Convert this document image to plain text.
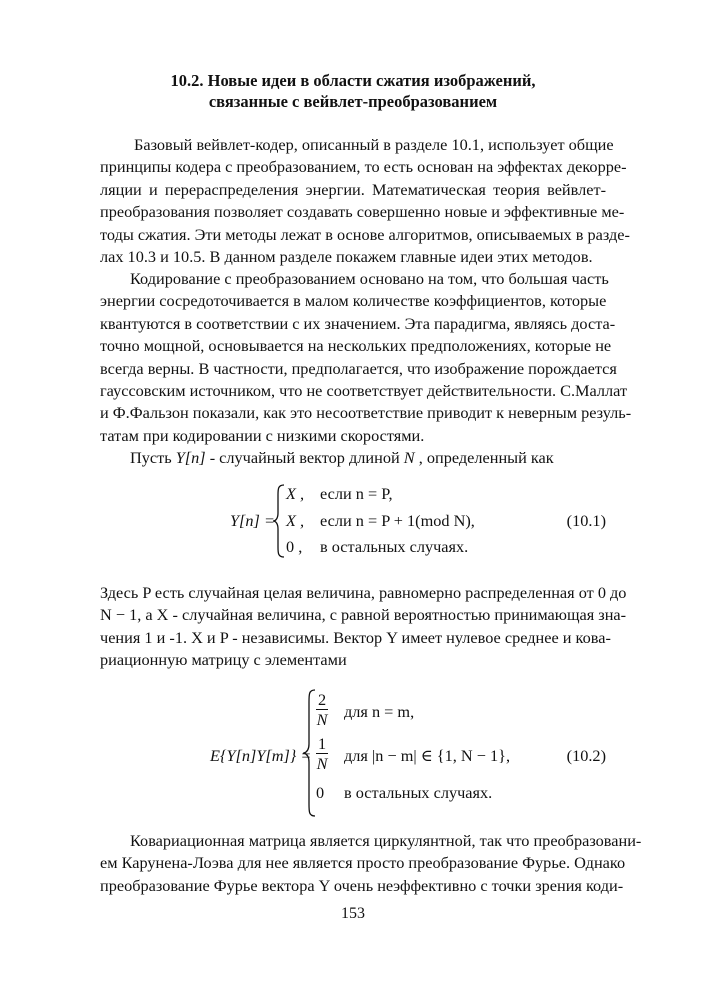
10.2. Новые идеи в области сжатия изображений,
связанные с вейвлет-преобразованием
Базовый вейвлет-кодер, описанный в разделе 10.1, использует общие
принципы кодера с преобразованием, то есть основан на эффектах декорре-
ляции и перераспределения энергии. Математическая теория вейвлет-
преобразования позволяет создавать совершенно новые и эффективные ме-
тоды сжатия. Эти методы лежат в основе алгоритмов, описываемых в разде-
лах 10.3 и 10.5. В данном разделе покажем главные идеи этих методов.
Кодирование с преобразованием основано на том, что большая часть
энергии сосредоточивается в малом количестве коэффициентов, которые
квантуются в соответствии с их значением. Эта парадигма, являясь доста-
точно мощной, основывается на нескольких предположениях, которые не
всегда верны. В частности, предполагается, что изображение порождается
гауссовским источником, что не соответствует действительности. С.Маллат
и Ф.Фальзон показали, как это несоответствие приводит к неверным резуль-
татам при кодировании с низкими скоростями.
Пусть Y[n] - случайный вектор длиной N , определенный как
Y[n] =
X , если n = P,
X , если n = P + 1(mod N),
0 , в остальных случаях.
(10.1)
Здесь P есть случайная целая величина, равномерно распределенная от 0 до
N − 1, а X - случайная величина, с равной вероятностью принимающая зна-
чения 1 и -1. X и P - независимы. Вектор Y имеет нулевое среднее и кова-
риационную матрицу с элементами
E{Y[n]Y[m]} =
$\frac{2}{N}$ для n = m,
$\frac{1}{N}$ для |n − m| ∈ {1, N − 1},
0 в остальных случаях.
(10.2)
Ковариационная матрица является циркулянтной, так что преобразовани-
ем Карунена-Лоэва для нее является просто преобразование Фурье. Однако
преобразование Фурье вектора Y очень неэффективно с точки зрения коди-
153
